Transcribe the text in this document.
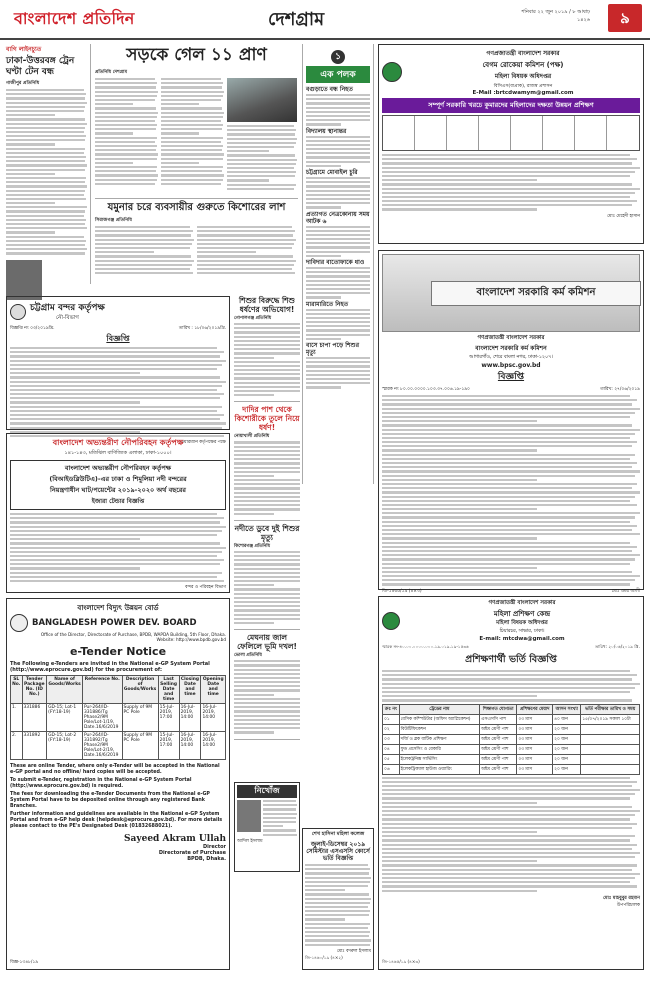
বাংলাদেশ প্রতিদিন	দেশগ্রাম	শনিবার ২২ জুন ২০১৯ / ৮ আষাঢ় ১৪২৬	৯
বাগি লাইনচ্যুত
ঢাকা-উত্তরবঙ্গ ট্রেন ঘণ্টা টেন বন্ধ
গাজীপুর প্রতিনিধি
সড়কে গেল ১১ প্রাণ
প্রতিনিধি দেশগ্রাম
যমুনার চরে ব্যবসায়ীর গুরুতে কিশোরের লাশ
সিরাজগঞ্জ প্রতিনিধি
১
এক পলক
বগুড়াতে বন্ধ নিহত
বিদ্যালয় স্থানান্তর
চট্টগ্রামে মোবাইল চুরি
প্রত্যাগত নেত্রকোনায় সময় আটক ৬
দাবিদার বাতোফাকে ধাও
মারামারিতে নিহত
বাসে চাপা পড়ে শিশুর মৃত্যু
শিশুর বিরুদ্ধে শিশু ধর্ষণের অভিযোগ!
গোপালগঞ্জ প্রতিনিধি
দাদির পাশ থেকে কিশোরীকে তুলে নিয়ে ধর্ষণ!
নোয়াখালী প্রতিনিধি
নদীতে ডুবে দুই শিশুর মৃত্যু
কিশোরগঞ্জ প্রতিনিধি
মেঘনায় জাল ফেলিলে ভূমি দখল!
ভোলা প্রতিনিধি
চট্টগ্রাম বন্দর কর্তৃপক্ষ
নৌ-বিভাগ
বিজ্ঞপ্তি নং ০৩/২০১৯খ্রি.	তারিখ : ১৮/০৬/২০১৯খ্রি.
বিজ্ঞপ্তি
চেয়ারম্যান কর্তৃপক্ষের পক্ষে
বাংলাদেশ অভ্যন্তরীণ নৌপরিবহন কর্তৃপক্ষ
১৪১-১৪৩, মতিঝিল বাণিজ্যিক এলাকা, ঢাকা-১০০০।
বাংলাদেশ অভ্যন্তরীণ নৌপরিবহন কর্তৃপক্ষ
(বিআইডব্লিউটিএ)-এর ঢাকা ও শিমুলিয়া নদী বন্দরের
নিয়ন্ত্রণাধীন ঘাট/পয়েন্টের ২০১৯-২০২০ অর্থ বছরের
ইজারা টেন্ডার বিজ্ঞপ্তি
বন্দর ও পরিবহন বিভাগ
বাংলাদেশ বিদ্যুৎ উন্নয়ন বোর্ড
BANGLADESH POWER DEV. BOARD
Office of the Director, Directorate of Purchase, BPDB, WAPDA Building, 5th Floor, Dhaka.
Website: http://www.bpdb.gov.bd
e-Tender Notice
The Following e-Tenders are invited in the National e-GP System Portal (http://www.eprocure.gov.bd) for the procurement of:
SL No.	Tender Package No. (ID No.)	Name of Goods/Works	Reference No.	Description of Goods/Works	Last Selling Date and time	Closing Date and time	Opening Date and time
1.	331886	GD-15; Lot-1 (FY:18-19)	Pur-264/ID-331886/Tg Phase2/9M Pole/Lot-1/19, Date.16/6/2019	Supply of 9M PC Pole	15-Jul-2019, 17:00	16-Jul-2019, 14:00	16-Jul-2019, 14:00
2.	331892	GD-15; Lot-2 (FY:18-19)	Pur-264/ID-331892/Tg Phase2/9M Pole/Lot-2/19, Date.16/6/2019	Supply of 9M PC Pole	15-Jul-2019, 17:00	16-Jul-2019, 14:00	16-Jul-2019, 14:00
These are online Tender, where only e-Tender will be accepted in the National e-GP portal and no offline/ hard copies will be accepted.
To submit e-Tender, registration in the National e-GP System Portal (http://www.eprocure.gov.bd) is required.
The fees for downloading the e-Tender Documents from the National e-GP System Portal have to be deposited online through any registered Bank Branches.
Further information and guidelines are available in the National e-GP System Portal and from e-GP help desk (helpdesk@eprocure.gov.bd). For more details please contact to the PE's Designated Desk (01832688021).
Sayeed Akram Ullah
Director
Directorate of Purchase
BPDB, Dhaka.
বিজ্ঞ-১৩৪৮/১৯
নিখোঁজ
আদিল ইসলাম
শেখ হাসিনা মহিলা কলেজ
জুলাই-ডিসেম্বর ২০১৯ সেমিস্টার এসএসসি কোর্সে ভর্তি বিজ্ঞপ্তি
মোঃ বদরুল ইসলাম
জি-১৪৬০/১৯ (৪×২)
গণপ্রজাতন্ত্রী বাংলাদেশ সরকার
বেগম রোকেয়া কমিশন (পক্ষ)
মহিলা বিষয়ক অধিদপ্তর
বিসিএস(বাপ্রাক), রাজস্ব প্রশাসন
E-Mail :brtcdwamym@gmail.com
সম্পূর্ণ সরকারি খরচে কুমারদের মহিলাদের দক্ষতা উন্নয়ন প্রশিক্ষণ
মোঃ মেহেদী হাসান
বাংলাদেশ সরকারি কর্ম কমিশন
গণপ্রজাতন্ত্রী বাংলাদেশ সরকার
বাংলাদেশ সরকারি কর্ম কমিশন
আগারগাঁও, শেরে বাংলা নগর, ঢাকা-১২০৭।
www.bpsc.gov.bd
বিজ্ঞপ্তি
স্মারক নং ৮০.০০.০০০০.১০৩.৩৭.০০৬.১৯-১৯০	তারিখ: ২৭/০৬/২০১৯
জি-১৪৬৫/১৯ (৪×৩)	মোঃ ওমর আলী
গণপ্রজাতন্ত্রী বাংলাদেশ সরকার
মহিলা প্রশিক্ষণ কেন্দ্র
মহিলা বিষয়ক অধিদপ্তর
চিয়ারচর, সাভার, ঢাকা।
E-mail: mtcdwa@gmail.com
স্মারক নং-৪০.০০.০০০০.০০০.১৯.০১৯.১৯-১৫৩৬	তারিখ: ২০/০৬/২০১৯ খ্রি.
প্রশিক্ষণার্থী ভর্তি বিজ্ঞপ্তি
ক্রঃ নং	ট্রেডের নাম	শিক্ষাগত যোগ্যতা	প্রশিক্ষণের মেয়াদ	আসন সংখ্যা	ভর্তি পরীক্ষার তারিখ ও সময়
০১	বেসিক কম্পিউটার (অফিস অ্যাপ্লিকেশন)	এসএসসি পাশ	০৩ মাস	৪০ জন	১৫/০৭/২০১৯ সকাল ১০টা
০২	বিউটিফিকেশন	অষ্টম শ্রেণী পাশ	০৩ মাস	২০ জন	
০৩	দর্জি ও ব্লক বাটিক প্রশিক্ষণ	অষ্টম শ্রেণী পাশ	০৩ মাস	২০ জন	
০৪	ফুড প্রসেসিং ও বেকারি	অষ্টম শ্রেণী পাশ	০৩ মাস	২০ জন	
০৫	ইলেকট্রনিক্স সার্ভিসিং	অষ্টম শ্রেণী পাশ	০৩ মাস	২০ জন	
০৬	ইলেকট্রিক্যাল হাউজ ওয়্যারিং	অষ্টম শ্রেণী পাশ	০৩ মাস	২০ জন	
মোঃ মাহবুবুর রহমান
উপপরিচালক
জি-১৪৬৫/১৯ (৪×৩)
